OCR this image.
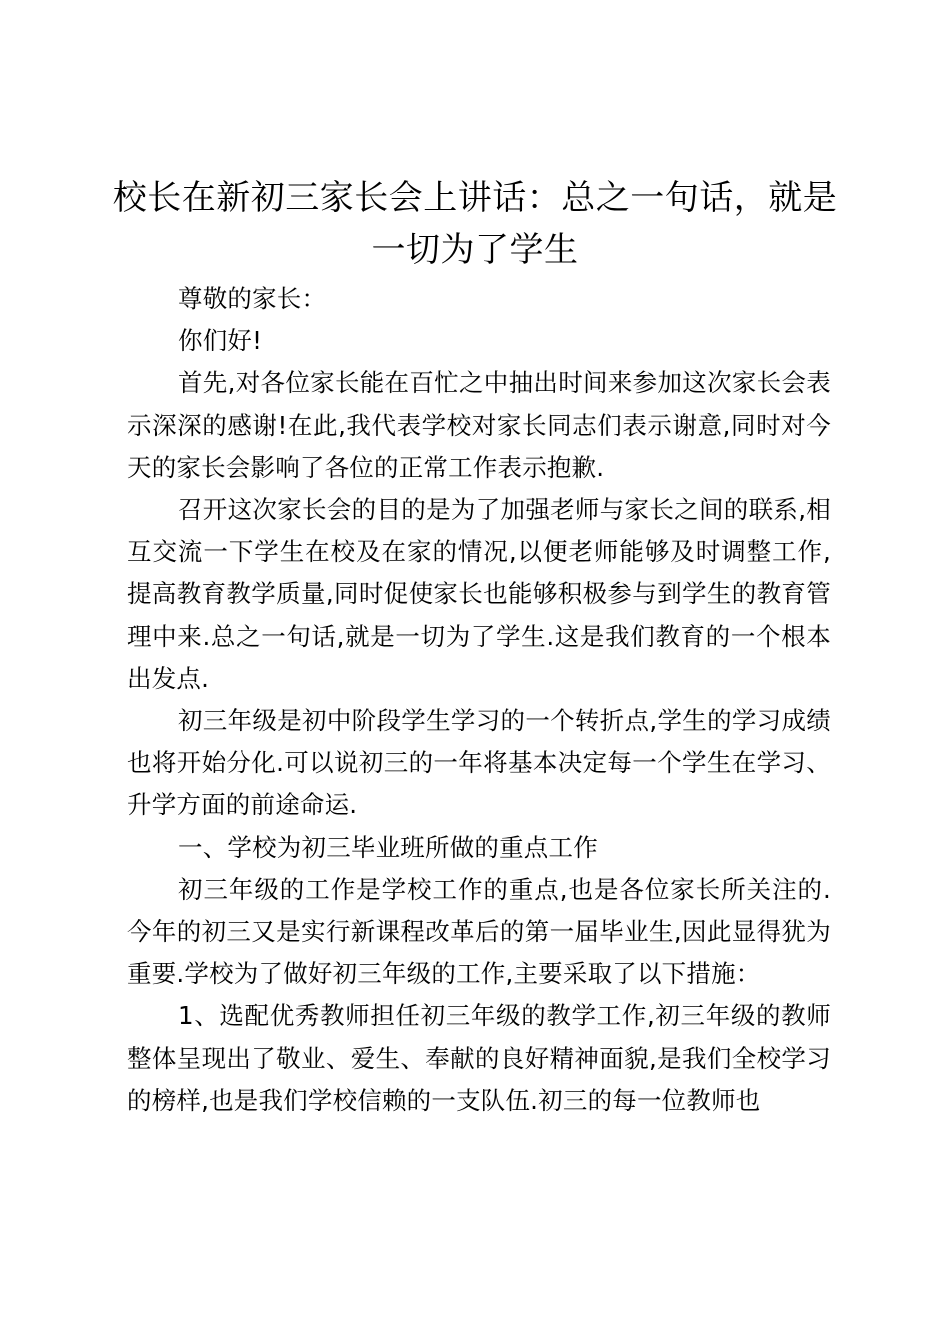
校长在新初三家长会上讲话：总之一句话，就是一切为了学生

尊敬的家长：

你们好!

首先,对各位家长能在百忙之中抽出时间来参加这次家长会表示深深的感谢!在此,我代表学校对家长同志们表示谢意,同时对今天的家长会影响了各位的正常工作表示抱歉.

召开这次家长会的目的是为了加强老师与家长之间的联系,相互交流一下学生在校及在家的情况,以便老师能够及时调整工作,提高教育教学质量,同时促使家长也能够积极参与到学生的教育管理中来.总之一句话,就是一切为了学生.这是我们教育的一个根本出发点.

初三年级是初中阶段学生学习的一个转折点,学生的学习成绩也将开始分化.可以说初三的一年将基本决定每一个学生在学习、升学方面的前途命运.

一、学校为初三毕业班所做的重点工作

初三年级的工作是学校工作的重点,也是各位家长所关注的.今年的初三又是实行新课程改革后的第一届毕业生,因此显得犹为重要.学校为了做好初三年级的工作,主要采取了以下措施：

1、选配优秀教师担任初三年级的教学工作,初三年级的教师整体呈现出了敬业、爱生、奉献的良好精神面貌,是我们全校学习的榜样,也是我们学校信赖的一支队伍.初三的每一位教师也
